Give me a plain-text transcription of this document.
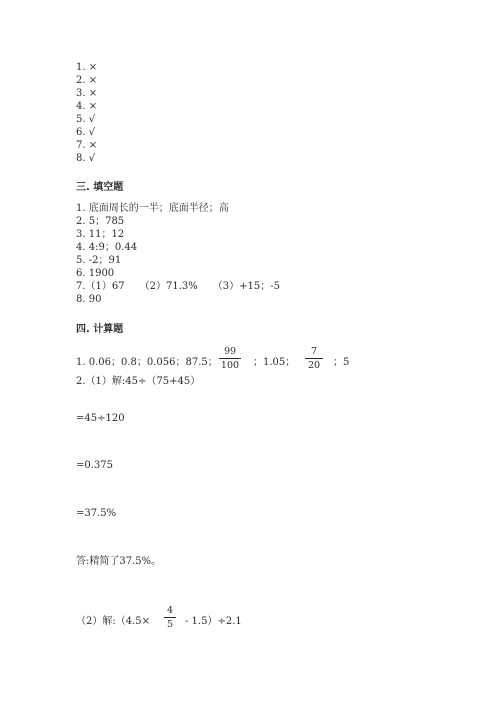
1. ×
2. ×
3. ×
4. ×
5. √
6. √
7. ×
8. √
三. 填空题
1. 底面周长的一半；底面半径；高
2. 5；785
3. 11；12
4. 4:9；0.44
5. -2；91
6. 1900
7.（1）67　　（2）71.3%　　（3）+15；-5
8. 90
四. 计算题
1. 0.06；0.8；0.056；87.5；
99
100 ；1.05；
7
20 ；5
2.（1）解:45÷（75+45）
=45÷120
=0.375
=37.5%
答:精简了37.5%。
（2）解:（4.5×
4
5 - 1.5）÷2.1
